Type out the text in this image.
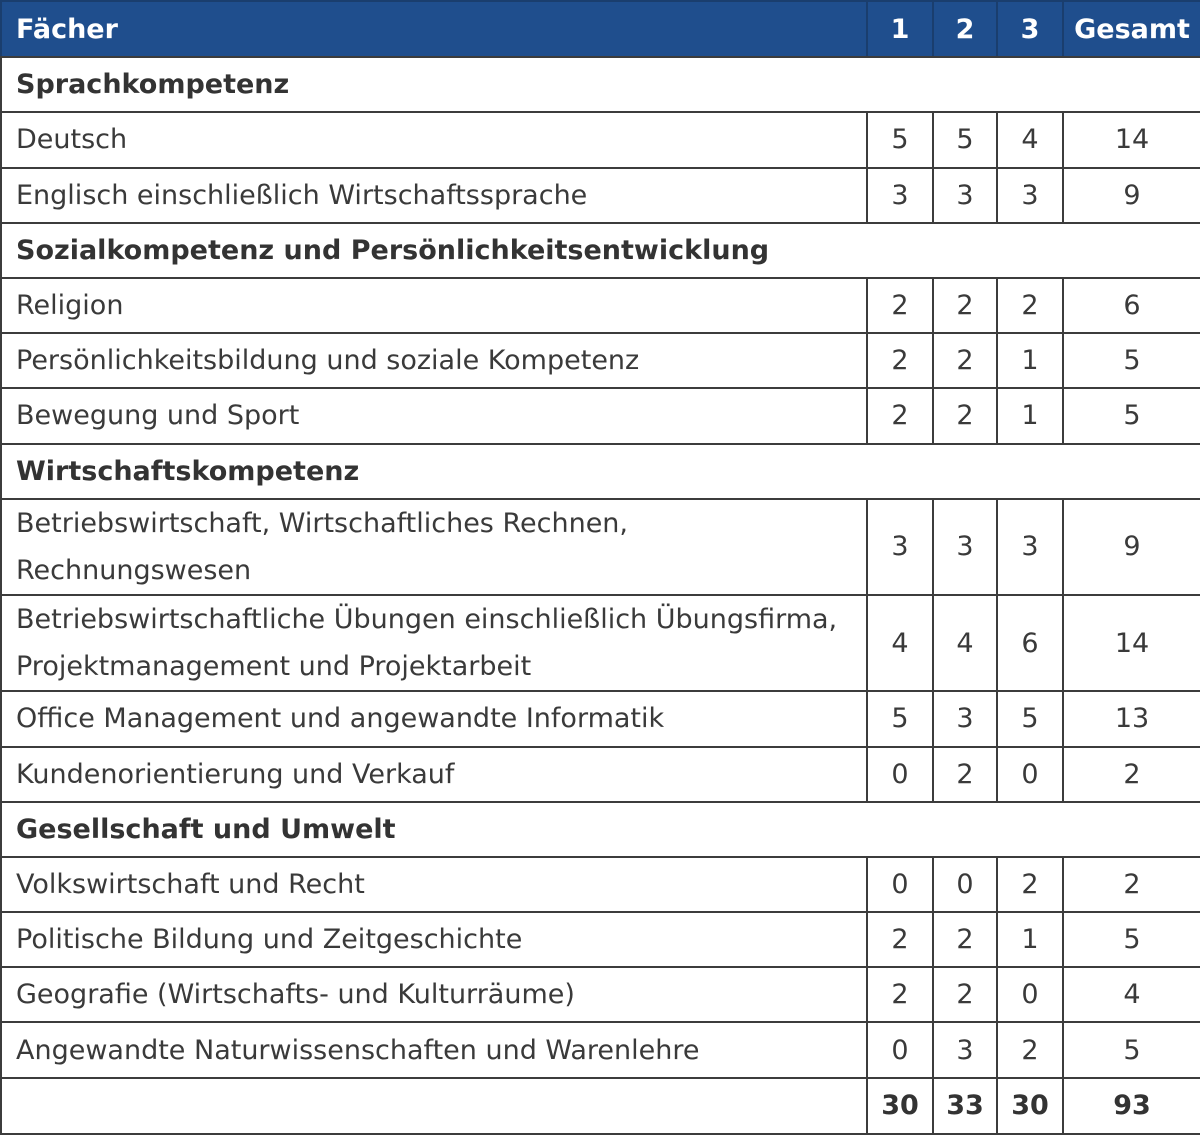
Fächer	1	2	3	Gesamt
Sprachkompetenz				
Deutsch	5	5	4	14
Englisch einschließlich Wirtschaftssprache	3	3	3	9
Sozialkompetenz und Persönlichkeitsentwicklung				
Religion	2	2	2	6
Persönlichkeitsbildung und soziale Kompetenz	2	2	1	5
Bewegung und Sport	2	2	1	5
Wirtschaftskompetenz				
Betriebswirtschaft, Wirtschaftliches Rechnen, Rechnungswesen	3	3	3	9
Betriebswirtschaftliche Übungen einschließlich Übungsfirma, Projektmanagement und Projektarbeit	4	4	6	14
Office Management und angewandte Informatik	5	3	5	13
Kundenorientierung und Verkauf	0	2	0	2
Gesellschaft und Umwelt				
Volkswirtschaft und Recht	0	0	2	2
Politische Bildung und Zeitgeschichte	2	2	1	5
Geografie (Wirtschafts- und Kulturräume)	2	2	0	4
Angewandte Naturwissenschaften und Warenlehre	0	3	2	5
	30	33	30	93
